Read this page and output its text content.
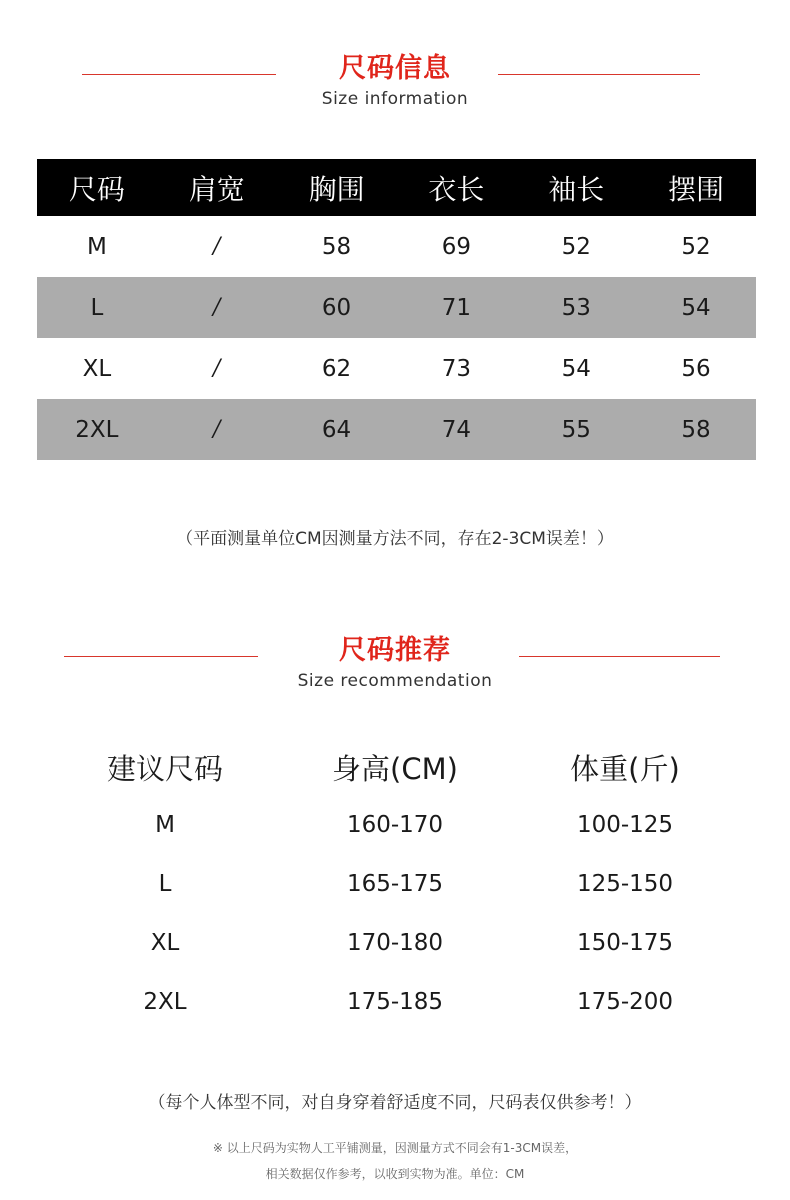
尺码信息
Size information
尺码	肩宽	胸围	衣长	袖长	摆围
M	/	58	69	52	52
L	/	60	71	53	54
XL	/	62	73	54	56
2XL	/	64	74	55	58
（平面测量单位CM因测量方法不同，存在2-3CM误差！）
尺码推荐
Size recommendation
建议尺码	身高(CM)	体重(斤)
M	160-170	100-125
L	165-175	125-150
XL	170-180	150-175
2XL	175-185	175-200
（每个人体型不同，对自身穿着舒适度不同，尺码表仅供参考！）
※ 以上尺码为实物人工平铺测量，因测量方式不同会有1-3CM误差，
相关数据仅作参考，以收到实物为准。单位：CM
